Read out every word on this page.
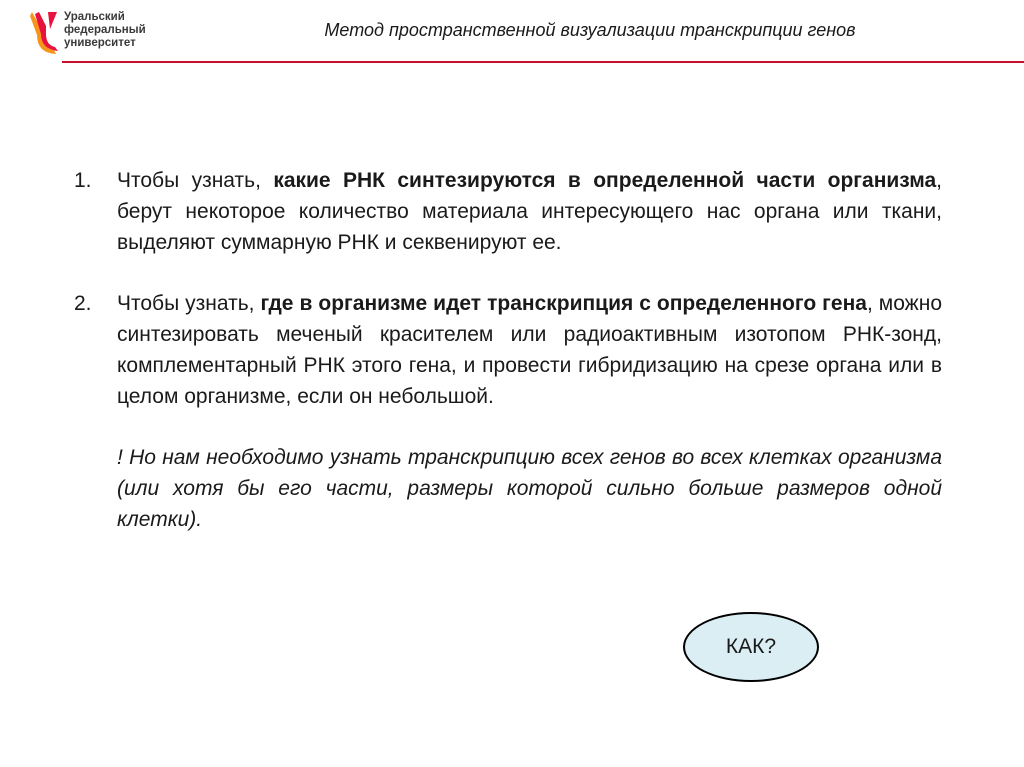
Уральский
федеральный
университет
Метод пространственной визуализации транскрипции генов
1. Чтобы узнать, какие РНК синтезируются в определенной части организма, берут некоторое количество материала интересующего нас органа или ткани, выделяют суммарную РНК и секвенируют ее.
2. Чтобы узнать, где в организме идет транскрипция с определенного гена, можно синтезировать меченый красителем или радиоактивным изотопом РНК-зонд, комплементарный РНК этого гена, и провести гибридизацию на срезе органа или в целом организме, если он небольшой.
! Но нам необходимо узнать транскрипцию всех генов во всех клетках организма (или хотя бы его части, размеры которой сильно больше размеров одной клетки).
КАК?
